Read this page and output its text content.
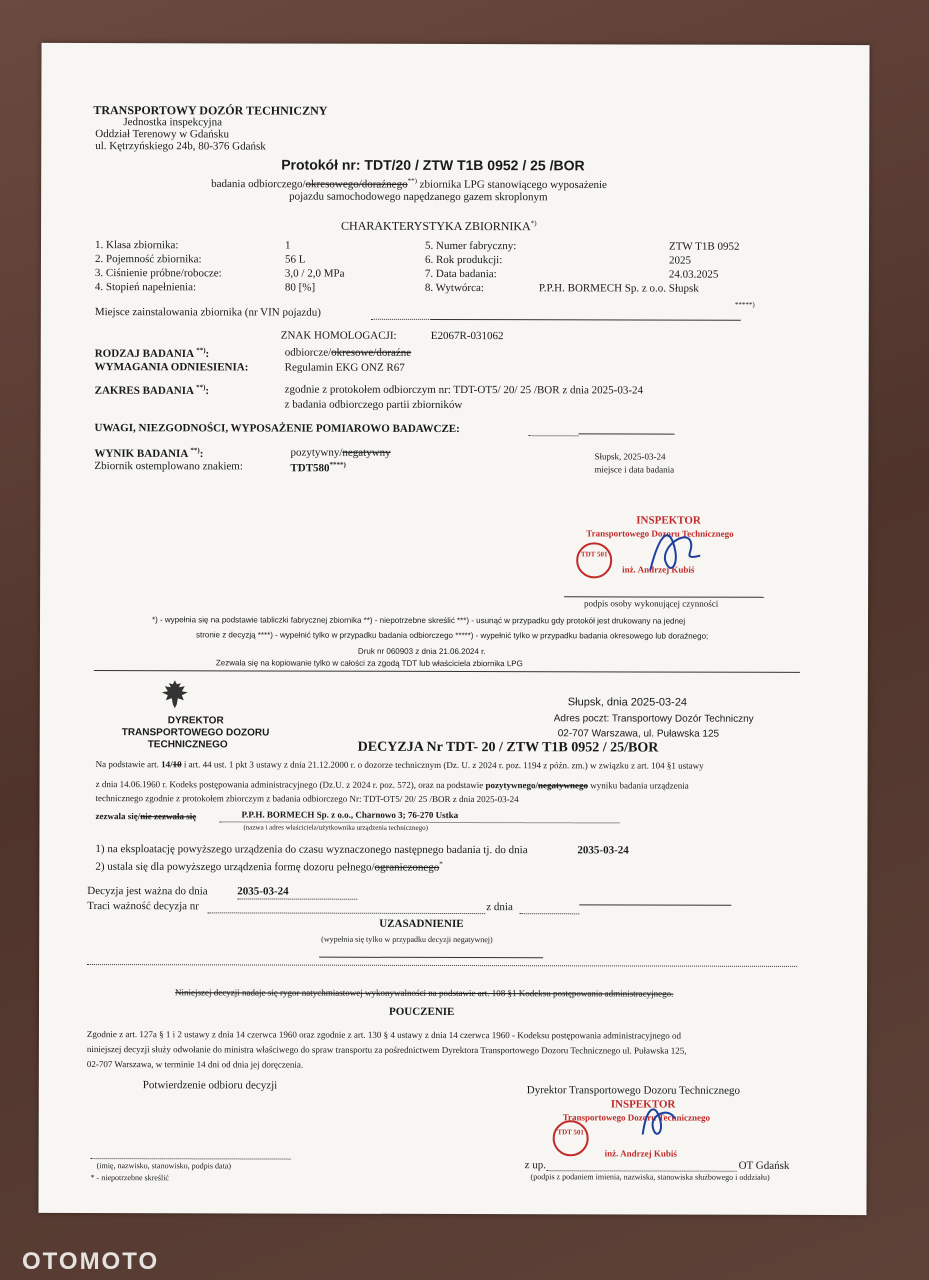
TRANSPORTOWY DOZÓR TECHNICZNY
Jednostka inspekcyjna
Oddział Terenowy w Gdańsku
ul. Kętrzyńskiego 24b, 80-376 Gdańsk
Protokół nr: TDT/20 / ZTW T1B 0952 / 25 /BOR
badania odbiorczego/okresowego/doraźnego**) zbiornika LPG stanowiącego wyposażenie
pojazdu samochodowego napędzanego gazem skroplonym
CHARAKTERYSTYKA ZBIORNIKA*)
1. Klasa zbiornika:	1
2. Pojemność zbiornika:	56 L
3. Ciśnienie próbne/robocze:	3,0 / 2,0 MPa
4. Stopień napełnienia:	80 [%]
5. Numer fabryczny:	ZTW T1B 0952
6. Rok produkcji:	2025
7. Data badania:	24.03.2025
8. Wytwórca:	P.P.H. BORMECH Sp. z o.o. Słupsk
Miejsce zainstalowania zbiornika (nr VIN pojazdu)
*****)
ZNAK HOMOLOGACJI:	E2067R-031062
RODZAJ BADANIA **):	odbiorcze/okresowe/doraźne
WYMAGANIA ODNIESIENIA:	Regulamin EKG ONZ R67
ZAKRES BADANIA **):	zgodnie z protokołem odbiorczym nr: TDT-OT5/ 20/ 25 /BOR z dnia 2025-03-24
z badania odbiorczego partii zbiorników
UWAGI, NIEZGODNOŚCI, WYPOSAŻENIE POMIAROWO BADAWCZE:
WYNIK BADANIA **):	pozytywny/negatywny
Zbiornik ostemplowano znakiem:	TDT580****)
Słupsk, 2025-03-24
miejsce i data badania
INSPEKTOR
Transportowego Dozoru Technicznego
TDT 501
inż. Andrzej Kubiś
podpis osoby wykonującej czynności
*) - wypełnia się na podstawie tabliczki fabrycznej zbiornika **) - niepotrzebne skreślić ***) - usunąć w przypadku gdy protokół jest drukowany na jednej
stronie z decyzją ****) - wypełnić tylko w przypadku badania odbiorczego *****) - wypełnić tylko w przypadku badania okresowego lub doraźnego;
Druk nr 060903 z dnia 21.06.2024 r.
Zezwala się na kopiowanie tylko w całości za zgodą TDT lub właściciela zbiornika LPG
DYREKTOR
TRANSPORTOWEGO DOZORU
TECHNICZNEGO
Słupsk, dnia 2025-03-24
Adres poczt: Transportowy Dozór Techniczny
02-707 Warszawa, ul. Puławska 125
DECYZJA Nr TDT- 20 / ZTW T1B 0952 / 25/BOR
Na podstawie art. 14/10 i art. 44 ust. 1 pkt 3 ustawy z dnia 21.12.2000 r. o dozorze technicznym (Dz. U. z 2024 r. poz. 1194 z późn. zm.) w związku z art. 104 §1 ustawy
z dnia 14.06.1960 r. Kodeks postępowania administracyjnego (Dz.U. z 2024 r. poz. 572), oraz na podstawie pozytywnego/negatywnego wyniku badania urządzenia
technicznego zgodnie z protokołem zbiorczym z badania odbiorczego Nr: TDT-OT5/ 20/ 25 /BOR z dnia 2025-03-24
zezwala się/nie zezwala się	P.P.H. BORMECH Sp. z o.o., Charnowo 3; 76-270 Ustka
(nazwa i adres właściciela/użytkownika urządzenia technicznego)
1) na eksploatację powyższego urządzenia do czasu wyznaczonego następnego badania tj. do dnia	2035-03-24
2) ustala się dla powyższego urządzenia formę dozoru pełnego/ograniczonego*
Decyzja jest ważna do dnia	2035-03-24
Traci ważność decyzja nr	z dnia
UZASADNIENIE
(wypełnia się tylko w przypadku decyzji negatywnej)
Niniejszej decyzji nadaje się rygor natychmiastowej wykonywalności na podstawie art. 108 §1 Kodeksu postępowania administracyjnego.
POUCZENIE
Zgodnie z art. 127a § 1 i 2 ustawy z dnia 14 czerwca 1960 oraz zgodnie z art. 130 § 4 ustawy z dnia 14 czerwca 1960 - Kodeksu postępowania administracyjnego od
niniejszej decyzji służy odwołanie do ministra właściwego do spraw transportu za pośrednictwem Dyrektora Transportowego Dozoru Technicznego ul. Puławska 125,
02-707 Warszawa, w terminie 14 dni od dnia jej doręczenia.
Potwierdzenie odbioru decyzji	Dyrektor Transportowego Dozoru Technicznego
INSPEKTOR
Transportowego Dozoru Technicznego
TDT 501
inż. Andrzej Kubiś
z up.	OT Gdańsk
(imię, nazwisko, stanowisko, podpis data)
* - niepotrzebne skreślić	(podpis z podaniem imienia, nazwiska, stanowiska służbowego i oddziału)
OTOMOTO
